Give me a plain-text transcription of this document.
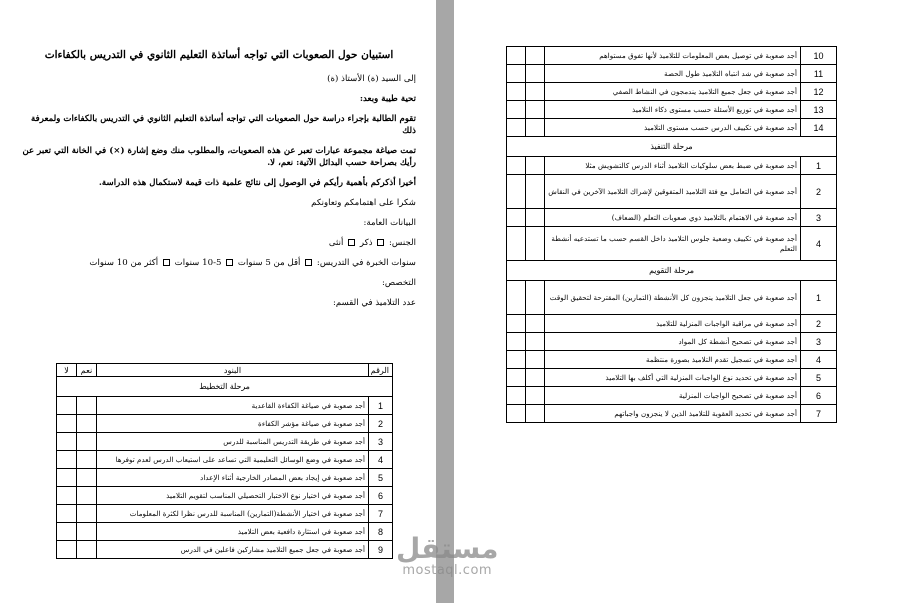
استبيان حول الصعوبات التي تواجه أساتذة التعليم الثانوي في التدريس بالكفاءات

إلى السيد (ة) الأستاذ (ة)

تحية طيبة وبعد:

تقوم الطالبة بإجراء دراسة حول الصعوبات التي تواجه أساتذة التعليم الثانوي في التدريس بالكفاءات ولمعرفة ذلك

تمت صياغة مجموعة عبارات تعبر عن هذه الصعوبات، والمطلوب منك وضع إشارة (×) في الخانة التي تعبر عن رأيك بصراحة حسب البدائل الآتية: نعم، لا.

أخيرا أذكركم بأهمية رأيكم في الوصول إلى نتائج علمية ذات قيمة لاستكمال هذه الدراسة.

شكرا على اهتمامكم وتعاونكم

البيانات العامة:

الجنس:  ذكر  أنثى

سنوات الخبرة في التدريس:  أقل من 5 سنوات  5-10 سنوات  أكثر من 10 سنوات

التخصص:

عدد التلاميذ في القسم:

الرقم	البنود	نعم	لا
مرحلة التخطيط			
1	أجد صعوبة في صياغة الكفاءة القاعدية		
2	أجد صعوبة في صياغة مؤشر الكفاءة		
3	أجد صعوبة في طريقة التدريس المناسبة للدرس		
4	أجد صعوبة في وضع الوسائل التعليمية التي تساعد على استيعاب الدرس لعدم توفرها		
5	أجد صعوبة في إيجاد بعض المصادر الخارجية أثناء الإعداد		
6	أجد صعوبة في اختيار نوع الاختبار التحصيلي المناسب لتقويم التلاميذ		
7	أجد صعوبة في اختيار الأنشطة(التمارين) المناسبة للدرس نظرا لكثرة المعلومات		
8	أجد صعوبة في استثارة دافعية بعض التلاميذ		
9	أجد صعوبة في جعل جميع التلاميذ مشاركين فاعلين في الدرس		
10	أجد صعوبة في توصيل بعض المعلومات للتلاميذ لأنها تفوق مستواهم		
11	أجد صعوبة في شد انتباه التلاميذ طول الحصة		
12	أجد صعوبة في جعل جميع التلاميذ يندمجون في النشاط الصفي		
13	أجد صعوبة في توزيع الأسئلة حسب مستوى ذكاء التلاميذ		
14	أجد صعوبة في تكييف الدرس حسب مستوى التلاميذ		
مرحلة التنفيذ			
1	أجد صعوبة في ضبط بعض سلوكيات التلاميذ أثناء الدرس كالتشويش مثلا		
2	أجد صعوبة في التعامل مع فئة التلاميذ المتفوقين لإشراك التلاميذ الآخرين في النقاش		
3	أجد صعوبة في الاهتمام بالتلاميذ ذوي صعوبات التعلم (الضعاف)		
4	أجد صعوبة في تكييف وضعية جلوس التلاميذ داخل القسم حسب ما تستدعيه أنشطة التعلم		
مرحلة التقويم			
1	أجد صعوبة في جعل التلاميذ ينجزون كل الأنشطة (التمارين) المقترحة لتحقيق الوقت		
2	أجد صعوبة في مراقبة الواجبات المنزلية للتلاميذ		
3	أجد صعوبة في تصحيح أنشطة كل المواد		
4	أجد صعوبة في تسجيل تقدم التلاميذ بصورة منتظمة		
5	أجد صعوبة في تحديد نوع الواجبات المنزلية التي أكلف بها التلاميذ		
6	أجد صعوبة في تصحيح الواجبات المنزلية		
7	أجد صعوبة في تحديد العقوبة للتلاميذ الذين لا ينجزون واجباتهم		
مستقل
mostaql.com
